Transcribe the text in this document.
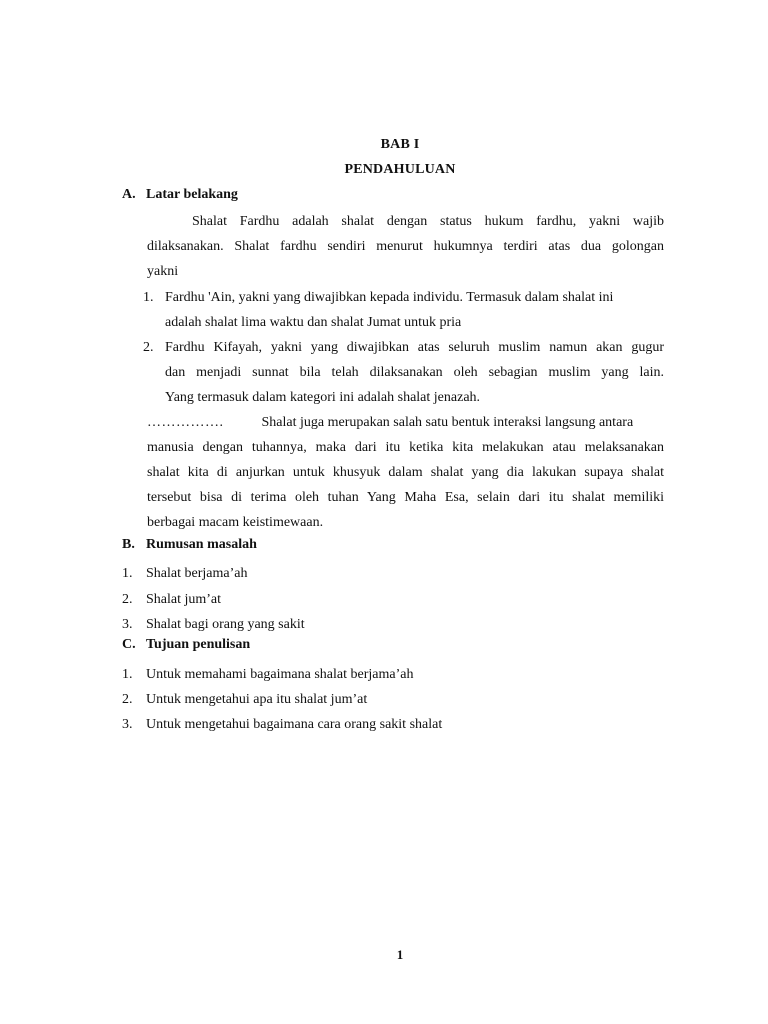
BAB I
PENDAHULUAN
A. Latar belakang
Shalat Fardhu adalah shalat dengan status hukum fardhu, yakni wajib
dilaksanakan. Shalat fardhu sendiri menurut hukumnya terdiri atas dua golongan
yakni
1. Fardhu 'Ain, yakni yang diwajibkan kepada individu. Termasuk dalam shalat ini
adalah shalat lima waktu dan shalat Jumat untuk pria
2. Fardhu Kifayah, yakni yang diwajibkan atas seluruh muslim namun akan gugur
dan menjadi sunnat bila telah dilaksanakan oleh sebagian muslim yang lain.
Yang termasuk dalam kategori ini adalah shalat jenazah.
…………….	Shalat juga merupakan salah satu bentuk interaksi langsung antara
manusia dengan tuhannya, maka dari itu ketika kita melakukan atau melaksanakan
shalat kita di anjurkan untuk khusyuk dalam shalat yang dia lakukan supaya shalat
tersebut bisa di terima oleh tuhan Yang Maha Esa, selain dari itu shalat memiliki
berbagai macam keistimewaan.
B. Rumusan masalah
1. Shalat berjama’ah
2. Shalat jum’at
3. Shalat bagi orang yang sakit
C. Tujuan penulisan
1. Untuk memahami bagaimana shalat berjama’ah
2. Untuk mengetahui apa itu shalat jum’at
3. Untuk mengetahui bagaimana cara orang sakit shalat
1
